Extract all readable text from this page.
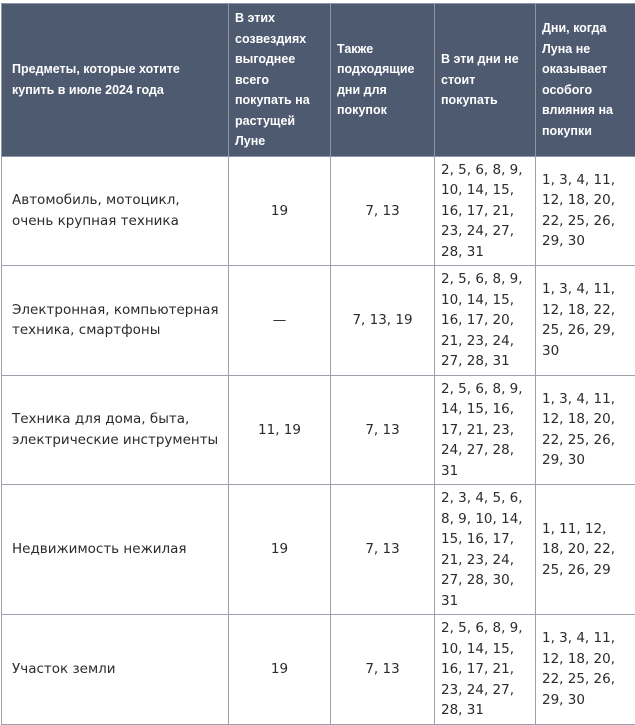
Предметы, которые хотите купить в июле 2024 года	В этих созвездиях выгоднее всего покупать на растущей Луне	Также подходящие дни для покупок	В эти дни не стоит покупать	Дни, когда Луна не оказывает особого влияния на покупки
Автомобиль, мотоцикл, очень крупная техника	19	7, 13	2, 5, 6, 8, 9, 10, 14, 15, 16, 17, 21, 23, 24, 27, 28, 31	1, 3, 4, 11, 12, 18, 20, 22, 25, 26, 29, 30
Электронная, компьютерная техника, смартфоны	—	7, 13, 19	2, 5, 6, 8, 9, 10, 14, 15, 16, 17, 20, 21, 23, 24, 27, 28, 31	1, 3, 4, 11, 12, 18, 22, 25, 26, 29, 30
Техника для дома, быта, электрические инструменты	11, 19	7, 13	2, 5, 6, 8, 9, 14, 15, 16, 17, 21, 23, 24, 27, 28, 31	1, 3, 4, 11, 12, 18, 20, 22, 25, 26, 29, 30
Недвижимость нежилая	19	7, 13	2, 3, 4, 5, 6, 8, 9, 10, 14, 15, 16, 17, 21, 23, 24, 27, 28, 30, 31	1, 11, 12, 18, 20, 22, 25, 26, 29
Участок земли	19	7, 13	2, 5, 6, 8, 9, 10, 14, 15, 16, 17, 21, 23, 24, 27, 28, 31	1, 3, 4, 11, 12, 18, 20, 22, 25, 26, 29, 30
